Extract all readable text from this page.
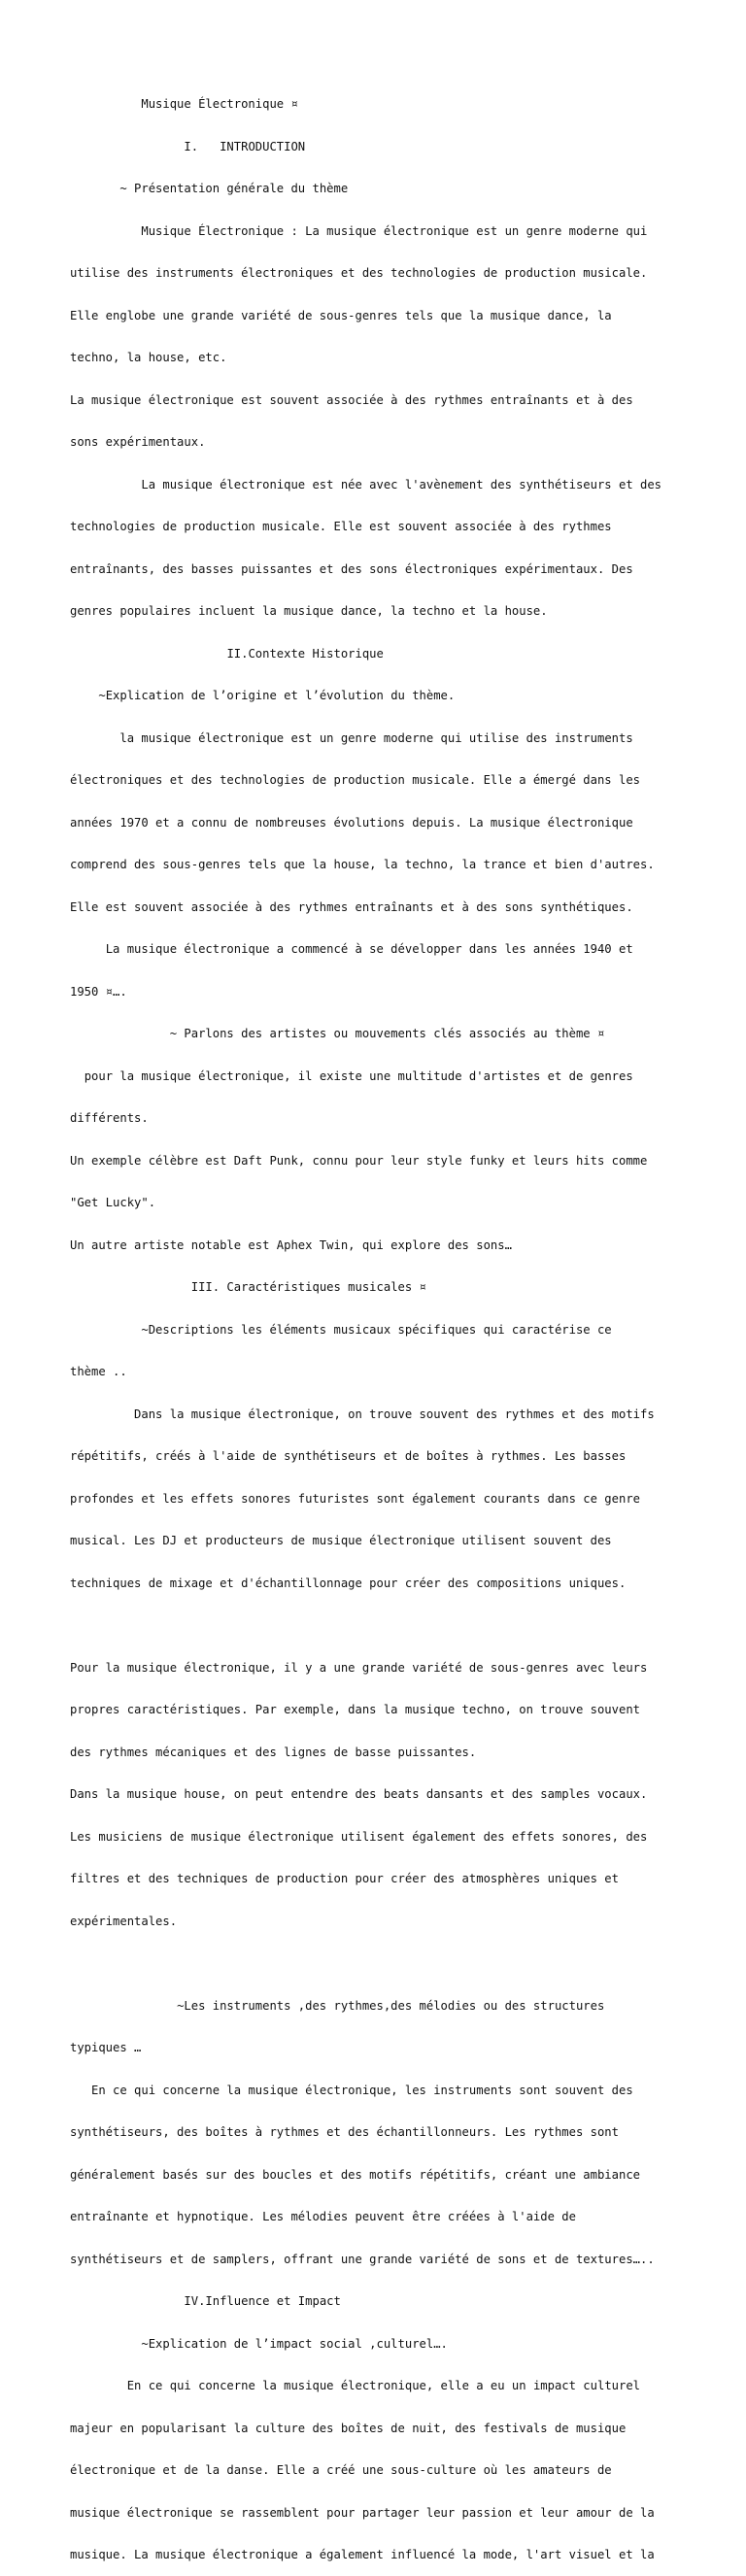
Musique Électronique ¤

I.   INTRODUCTION

~ Présentation générale du thème

Musique Électronique : La musique électronique est un genre moderne qui

utilise des instruments électroniques et des technologies de production musicale.

Elle englobe une grande variété de sous-genres tels que la musique dance, la

techno, la house, etc.

La musique électronique est souvent associée à des rythmes entraînants et à des

sons expérimentaux.

La musique électronique est née avec l'avènement des synthétiseurs et des

technologies de production musicale. Elle est souvent associée à des rythmes

entraînants, des basses puissantes et des sons électroniques expérimentaux. Des

genres populaires incluent la musique dance, la techno et la house.

II.Contexte Historique

~Explication de l’origine et l’évolution du thème.

la musique électronique est un genre moderne qui utilise des instruments

électroniques et des technologies de production musicale. Elle a émergé dans les

années 1970 et a connu de nombreuses évolutions depuis. La musique électronique

comprend des sous-genres tels que la house, la techno, la trance et bien d'autres.

Elle est souvent associée à des rythmes entraînants et à des sons synthétiques.

La musique électronique a commencé à se développer dans les années 1940 et

1950 ¤….

~ Parlons des artistes ou mouvements clés associés au thème ¤

pour la musique électronique, il existe une multitude d'artistes et de genres

différents.

Un exemple célèbre est Daft Punk, connu pour leur style funky et leurs hits comme

"Get Lucky".

Un autre artiste notable est Aphex Twin, qui explore des sons…

III. Caractéristiques musicales ¤

~Descriptions les éléments musicaux spécifiques qui caractérise ce

thème ..

Dans la musique électronique, on trouve souvent des rythmes et des motifs

répétitifs, créés à l'aide de synthétiseurs et de boîtes à rythmes. Les basses

profondes et les effets sonores futuristes sont également courants dans ce genre

musical. Les DJ et producteurs de musique électronique utilisent souvent des

techniques de mixage et d'échantillonnage pour créer des compositions uniques.

Pour la musique électronique, il y a une grande variété de sous-genres avec leurs

propres caractéristiques. Par exemple, dans la musique techno, on trouve souvent

des rythmes mécaniques et des lignes de basse puissantes.

Dans la musique house, on peut entendre des beats dansants et des samples vocaux.

Les musiciens de musique électronique utilisent également des effets sonores, des

filtres et des techniques de production pour créer des atmosphères uniques et

expérimentales.

~Les instruments ,des rythmes,des mélodies ou des structures

typiques …

En ce qui concerne la musique électronique, les instruments sont souvent des

synthétiseurs, des boîtes à rythmes et des échantillonneurs. Les rythmes sont

généralement basés sur des boucles et des motifs répétitifs, créant une ambiance

entraînante et hypnotique. Les mélodies peuvent être créées à l'aide de

synthétiseurs et de samplers, offrant une grande variété de sons et de textures…..

IV.Influence et Impact

~Explication de l’impact social ,culturel….

En ce qui concerne la musique électronique, elle a eu un impact culturel

majeur en popularisant la culture des boîtes de nuit, des festivals de musique

électronique et de la danse. Elle a créé une sous-culture où les amateurs de

musique électronique se rassemblent pour partager leur passion et leur amour de la

musique. La musique électronique a également influencé la mode, l'art visuel et la
